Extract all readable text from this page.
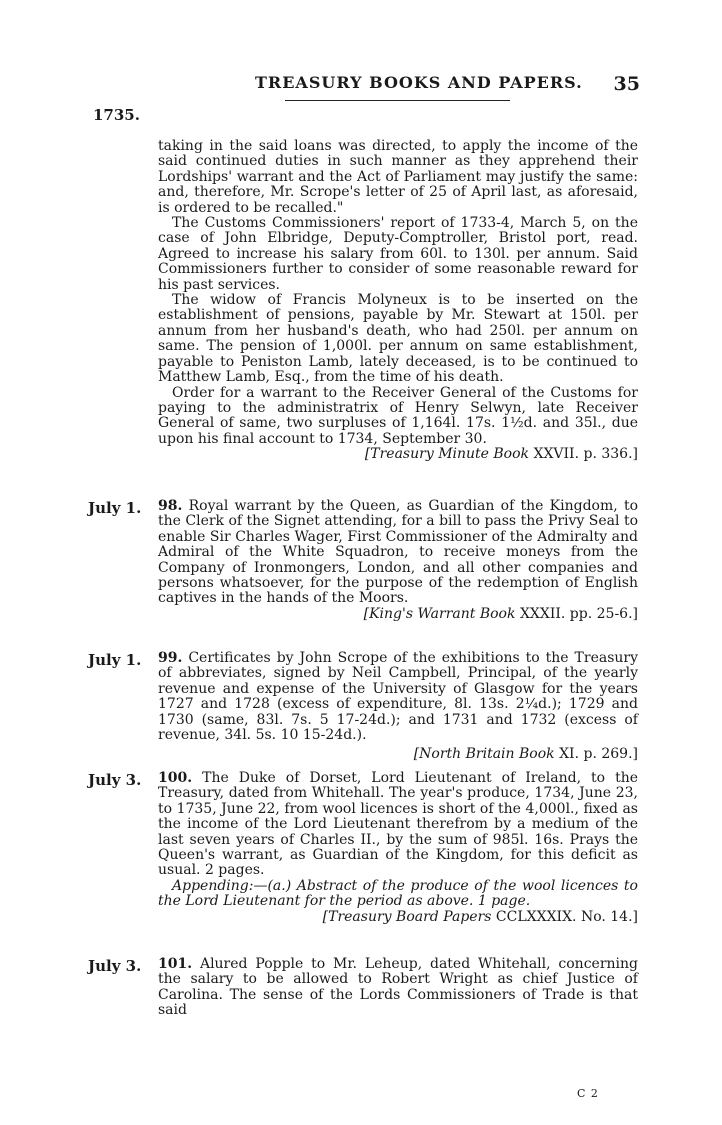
TREASURY BOOKS AND PAPERS. 35
1735.

taking in the said loans was directed, to apply the income of the said continued duties in such manner as they apprehend their Lordships' warrant and the Act of Parliament may justify the same: and, therefore, Mr. Scrope's letter of 25 of April last, as aforesaid, is ordered to be recalled."

The Customs Commissioners' report of 1733-4, March 5, on the case of John Elbridge, Deputy-Comptroller, Bristol port, read. Agreed to increase his salary from 60l. to 130l. per annum. Said Commissioners further to consider of some reasonable reward for his past services.

The widow of Francis Molyneux is to be inserted on the establishment of pensions, payable by Mr. Stewart at 150l. per annum from her husband's death, who had 250l. per annum on same. The pension of 1,000l. per annum on same establishment, payable to Peniston Lamb, lately deceased, is to be continued to Matthew Lamb, Esq., from the time of his death.

Order for a warrant to the Receiver General of the Customs for paying to the administratrix of Henry Selwyn, late Receiver General of same, two surpluses of 1,164l. 17s. 1½d. and 35l., due upon his final account to 1734, September 30.

[Treasury Minute Book XXVII. p. 336.]
July 1. 98. Royal warrant by the Queen, as Guardian of the Kingdom, to the Clerk of the Signet attending, for a bill to pass the Privy Seal to enable Sir Charles Wager, First Commissioner of the Admiralty and Admiral of the White Squadron, to receive moneys from the Company of Ironmongers, London, and all other companies and persons whatsoever, for the purpose of the redemption of English captives in the hands of the Moors.

[King's Warrant Book XXXII. pp. 25-6.]
July 1. 99. Certificates by John Scrope of the exhibitions to the Treasury of abbreviates, signed by Neil Campbell, Principal, of the yearly revenue and expense of the University of Glasgow for the years 1727 and 1728 (excess of expenditure, 8l. 13s. 2¼d.); 1729 and 1730 (same, 83l. 7s. 5 17-24d.); and 1731 and 1732 (excess of revenue, 34l. 5s. 10 15-24d.).

[North Britain Book XI. p. 269.]
July 3. 100. The Duke of Dorset, Lord Lieutenant of Ireland, to the Treasury, dated from Whitehall. The year's produce, 1734, June 23, to 1735, June 22, from wool licences is short of the 4,000l., fixed as the income of the Lord Lieutenant therefrom by a medium of the last seven years of Charles II., by the sum of 985l. 16s. Prays the Queen's warrant, as Guardian of the Kingdom, for this deficit as usual. 2 pages.

Appending:—(a.) Abstract of the produce of the wool licences to the Lord Lieutenant for the period as above. 1 page.

[Treasury Board Papers CCLXXXIX. No. 14.]
July 3. 101. Alured Popple to Mr. Leheup, dated Whitehall, concerning the salary to be allowed to Robert Wright as chief Justice of Carolina. The sense of the Lords Commissioners of Trade is that said

C 2
